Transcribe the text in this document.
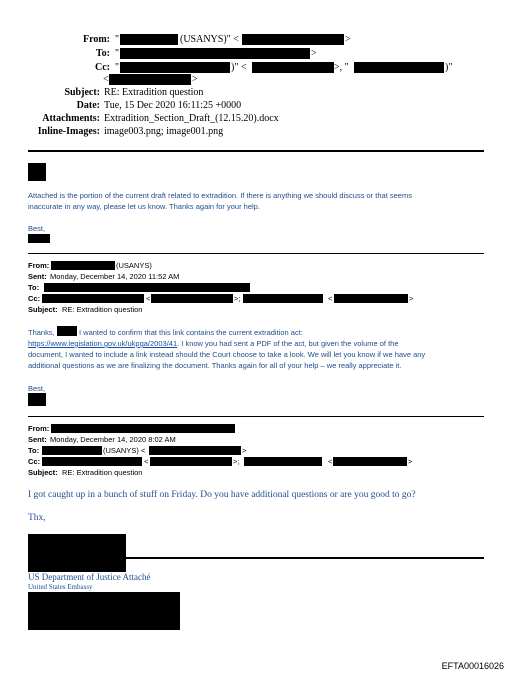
From: "	(USANYS)" <	>
To: "	>
Cc: "	)" <	>, "	)"
<	>
Subject: RE: Extradition question
Date: Tue, 15 Dec 2020 16:11:25 +0000
Attachments: Extradition_Section_Draft_(12.15.20).docx
Inline-Images: image003.png; image001.png
Attached is the portion of the current draft related to extradition. If there is anything we should discuss or that seems
inaccurate in any way, please let us know. Thanks again for your help.
Best,
From:	(USANYS)
Sent: Monday, December 14, 2020 11:52 AM
To:
Cc:	<	>;	<	>
Subject: RE: Extradition question
Thanks,	I wanted to confirm that this link contains the current extradition act:
https://www.legislation.gov.uk/ukpga/2003/41. I know you had sent a PDF of the act, but given the volume of the
document, I wanted to include a link instead should the Court choose to take a look. We will let you know if we have any
additional questions as we are finalizing the document. Thanks again for all of your help – we really appreciate it.
Best,
From:
Sent: Monday, December 14, 2020 8:02 AM
To:	(USANYS) <	>
Cc:	<	>;	<	>
Subject: RE: Extradition question
I got caught up in a bunch of stuff on Friday. Do you have additional questions or are you good to go?
Thx,
US Department of Justice Attaché
United States Embassy
EFTA00016026
